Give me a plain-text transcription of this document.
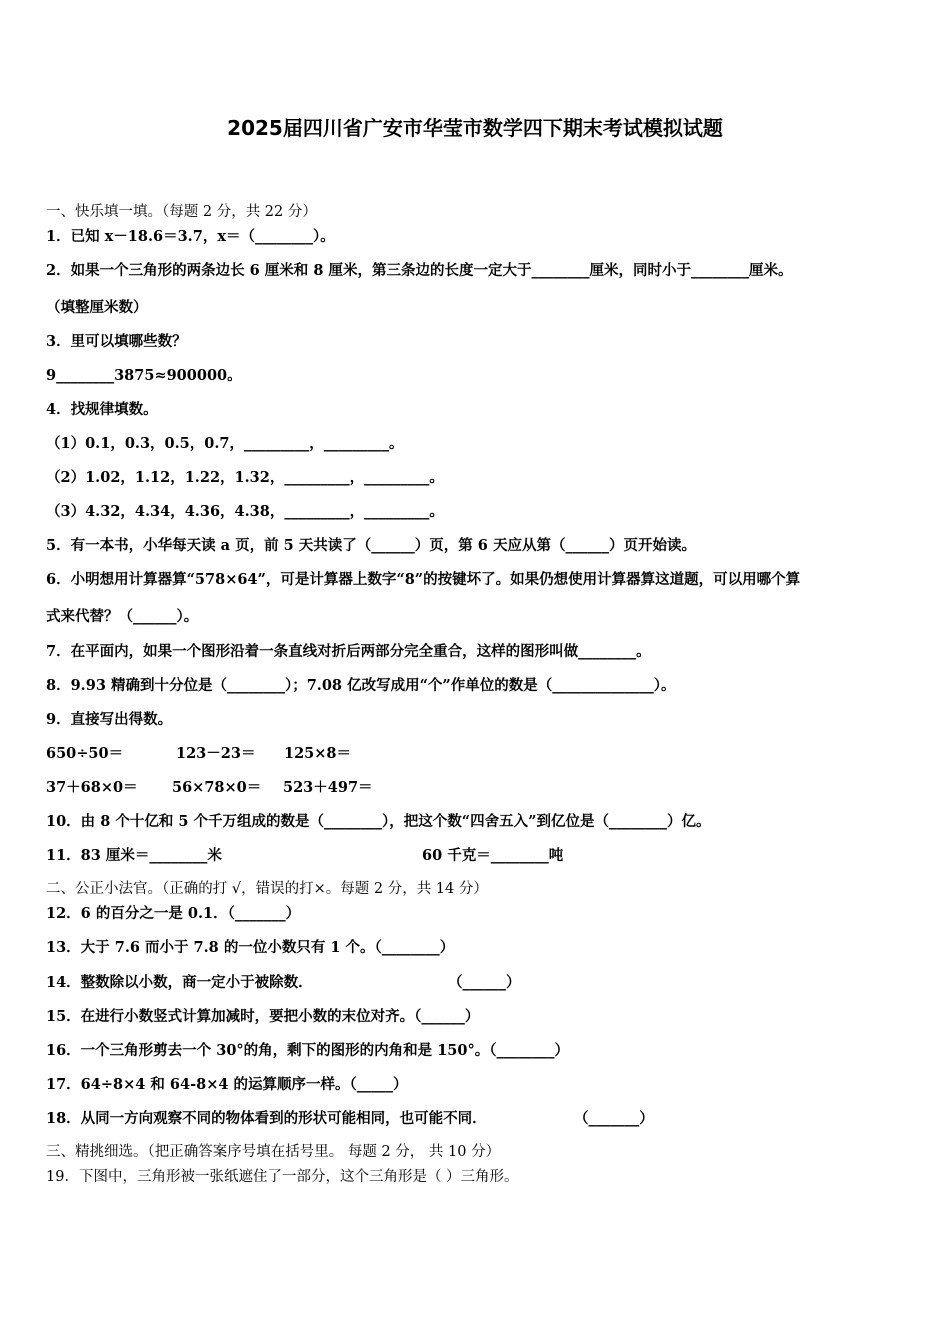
2025届四川省广安市华莹市数学四下期末考试模拟试题
一、快乐填一填。（每题 2 分，共 22 分）
1．已知 x－18.6＝3.7，x＝（________）。
2．如果一个三角形的两条边长 6 厘米和 8 厘米，第三条边的长度一定大于________厘米，同时小于________厘米。
（填整厘米数）
3．里可以填哪些数？
9________3875≈900000。
4．找规律填数。
（1）0.1，0.3，0.5，0.7，_________，_________。
（2）1.02，1.12，1.22，1.32，_________，_________。
（3）4.32，4.34，4.36，4.38，_________，_________。
5．有一本书，小华每天读 a 页，前 5 天共读了（______）页，第 6 天应从第（______）页开始读。
6．小明想用计算器算“578×64”，可是计算器上数字“8”的按键坏了。如果仍想使用计算器算这道题，可以用哪个算
式来代替？（______）。
7．在平面内，如果一个图形沿着一条直线对折后两部分完全重合，这样的图形叫做________。
8．9.93 精确到十分位是（________）；7.08 亿改写成用“个”作单位的数是（______________）。
9．直接写出得数。
650÷50＝	123－23＝ 125×8＝
37＋68×0＝ 56×78×0＝ 523＋497＝
10．由 8 个十亿和 5 个千万组成的数是（________），把这个数“四舍五入”到亿位是（________）亿。
11．83 厘米＝________米	60 千克＝________吨
二、公正小法官。（正确的打 √，错误的打×。每题 2 分，共 14 分）
12．6 的百分之一是 0.1．（_______）
13．大于 7.6 而小于 7.8 的一位小数只有 1 个。（________）
14．整数除以小数，商一定小于被除数．	（______）
15．在进行小数竖式计算加减时，要把小数的末位对齐。（______）
16．一个三角形剪去一个 30°的角，剩下的图形的内角和是 150°。（________）
17．64÷8×4 和 64-8×4 的运算顺序一样。（_____）
18．从同一方向观察不同的物体看到的形状可能相同，也可能不同．	（_______）
三、精挑细选。（把正确答案序号填在括号里。 每题 2 分， 共 10 分）
19．下图中，三角形被一张纸遮住了一部分，这个三角形是（ ）三角形。
